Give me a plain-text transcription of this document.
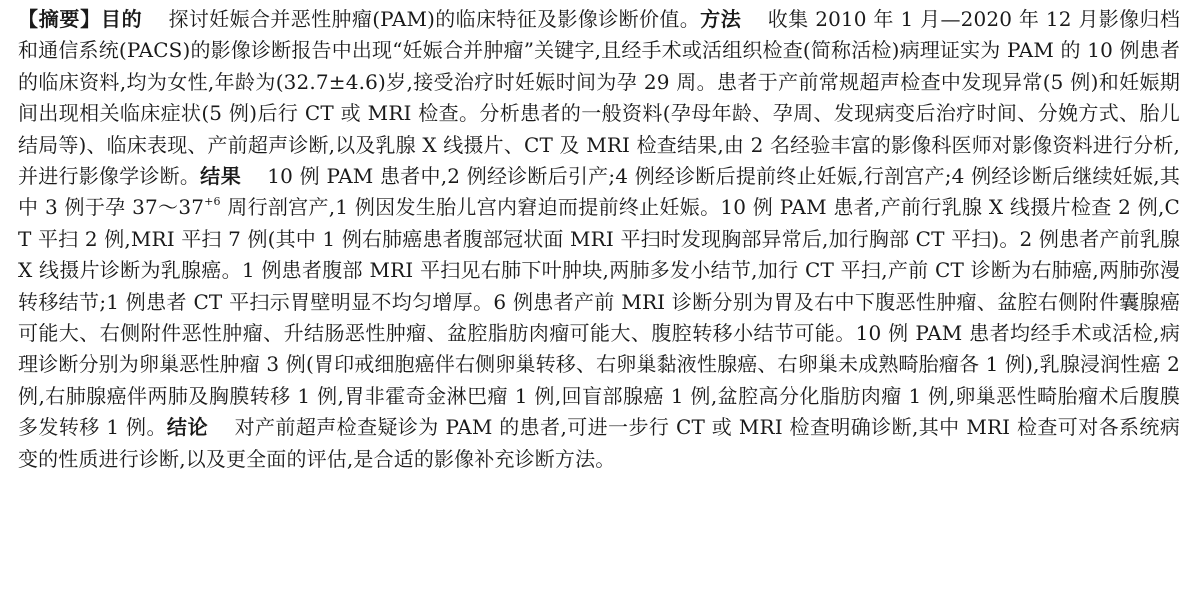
【摘要】目的 探讨妊娠合并恶性肿瘤(PAM)的临床特征及影像诊断价值。方法 收集 2010 年 1 月—2020 年 12 月影像归档和通信系统(PACS)的影像诊断报告中出现“妊娠合并肿瘤”关键字,且经手术或活组织检查(简称活检)病理证实为 PAM 的 10 例患者的临床资料,均为女性,年龄为(32.7±4.6)岁,接受治疗时妊娠时间为孕 29 周。患者于产前常规超声检查中发现异常(5 例)和妊娠期间出现相关临床症状(5 例)后行 CT 或 MRI 检查。分析患者的一般资料(孕母年龄、孕周、发现病变后治疗时间、分娩方式、胎儿结局等)、临床表现、产前超声诊断,以及乳腺 X 线摄片、CT 及 MRI 检查结果,由 2 名经验丰富的影像科医师对影像资料进行分析,并进行影像学诊断。结果 10 例 PAM 患者中,2 例经诊断后引产;4 例经诊断后提前终止妊娠,行剖宫产;4 例经诊断后继续妊娠,其中 3 例于孕 $37\sim 37^{+6}$ 周行剖宫产,1 例因发生胎儿宫内窘迫而提前终止妊娠。10 例 PAM 患者,产前行乳腺 X 线摄片检查 2 例,CT 平扫 2 例,MRI 平扫 7 例(其中 1 例右肺癌患者腹部冠状面 MRI 平扫时发现胸部异常后,加行胸部 CT 平扫)。2 例患者产前乳腺 X 线摄片诊断为乳腺癌。1 例患者腹部 MRI 平扫见右肺下叶肿块,两肺多发小结节,加行 CT 平扫,产前 CT 诊断为右肺癌,两肺弥漫转移结节;1 例患者 CT 平扫示胃壁明显不均匀增厚。6 例患者产前 MRI 诊断分别为胃及右中下腹恶性肿瘤、盆腔右侧附件囊腺癌可能大、右侧附件恶性肿瘤、升结肠恶性肿瘤、盆腔脂肪肉瘤可能大、腹腔转移小结节可能。10 例 PAM 患者均经手术或活检,病理诊断分别为卵巢恶性肿瘤 3 例(胃印戒细胞癌伴右侧卵巢转移、右卵巢黏液性腺癌、右卵巢未成熟畸胎瘤各 1 例),乳腺浸润性癌 2 例,右肺腺癌伴两肺及胸膜转移 1 例,胃非霍奇金淋巴瘤 1 例,回盲部腺癌 1 例,盆腔高分化脂肪肉瘤 1 例,卵巢恶性畸胎瘤术后腹膜多发转移 1 例。结论 对产前超声检查疑诊为 PAM 的患者,可进一步行 CT 或 MRI 检查明确诊断,其中 MRI 检查可对各系统病变的性质进行诊断,以及更全面的评估,是合适的影像补充诊断方法。
